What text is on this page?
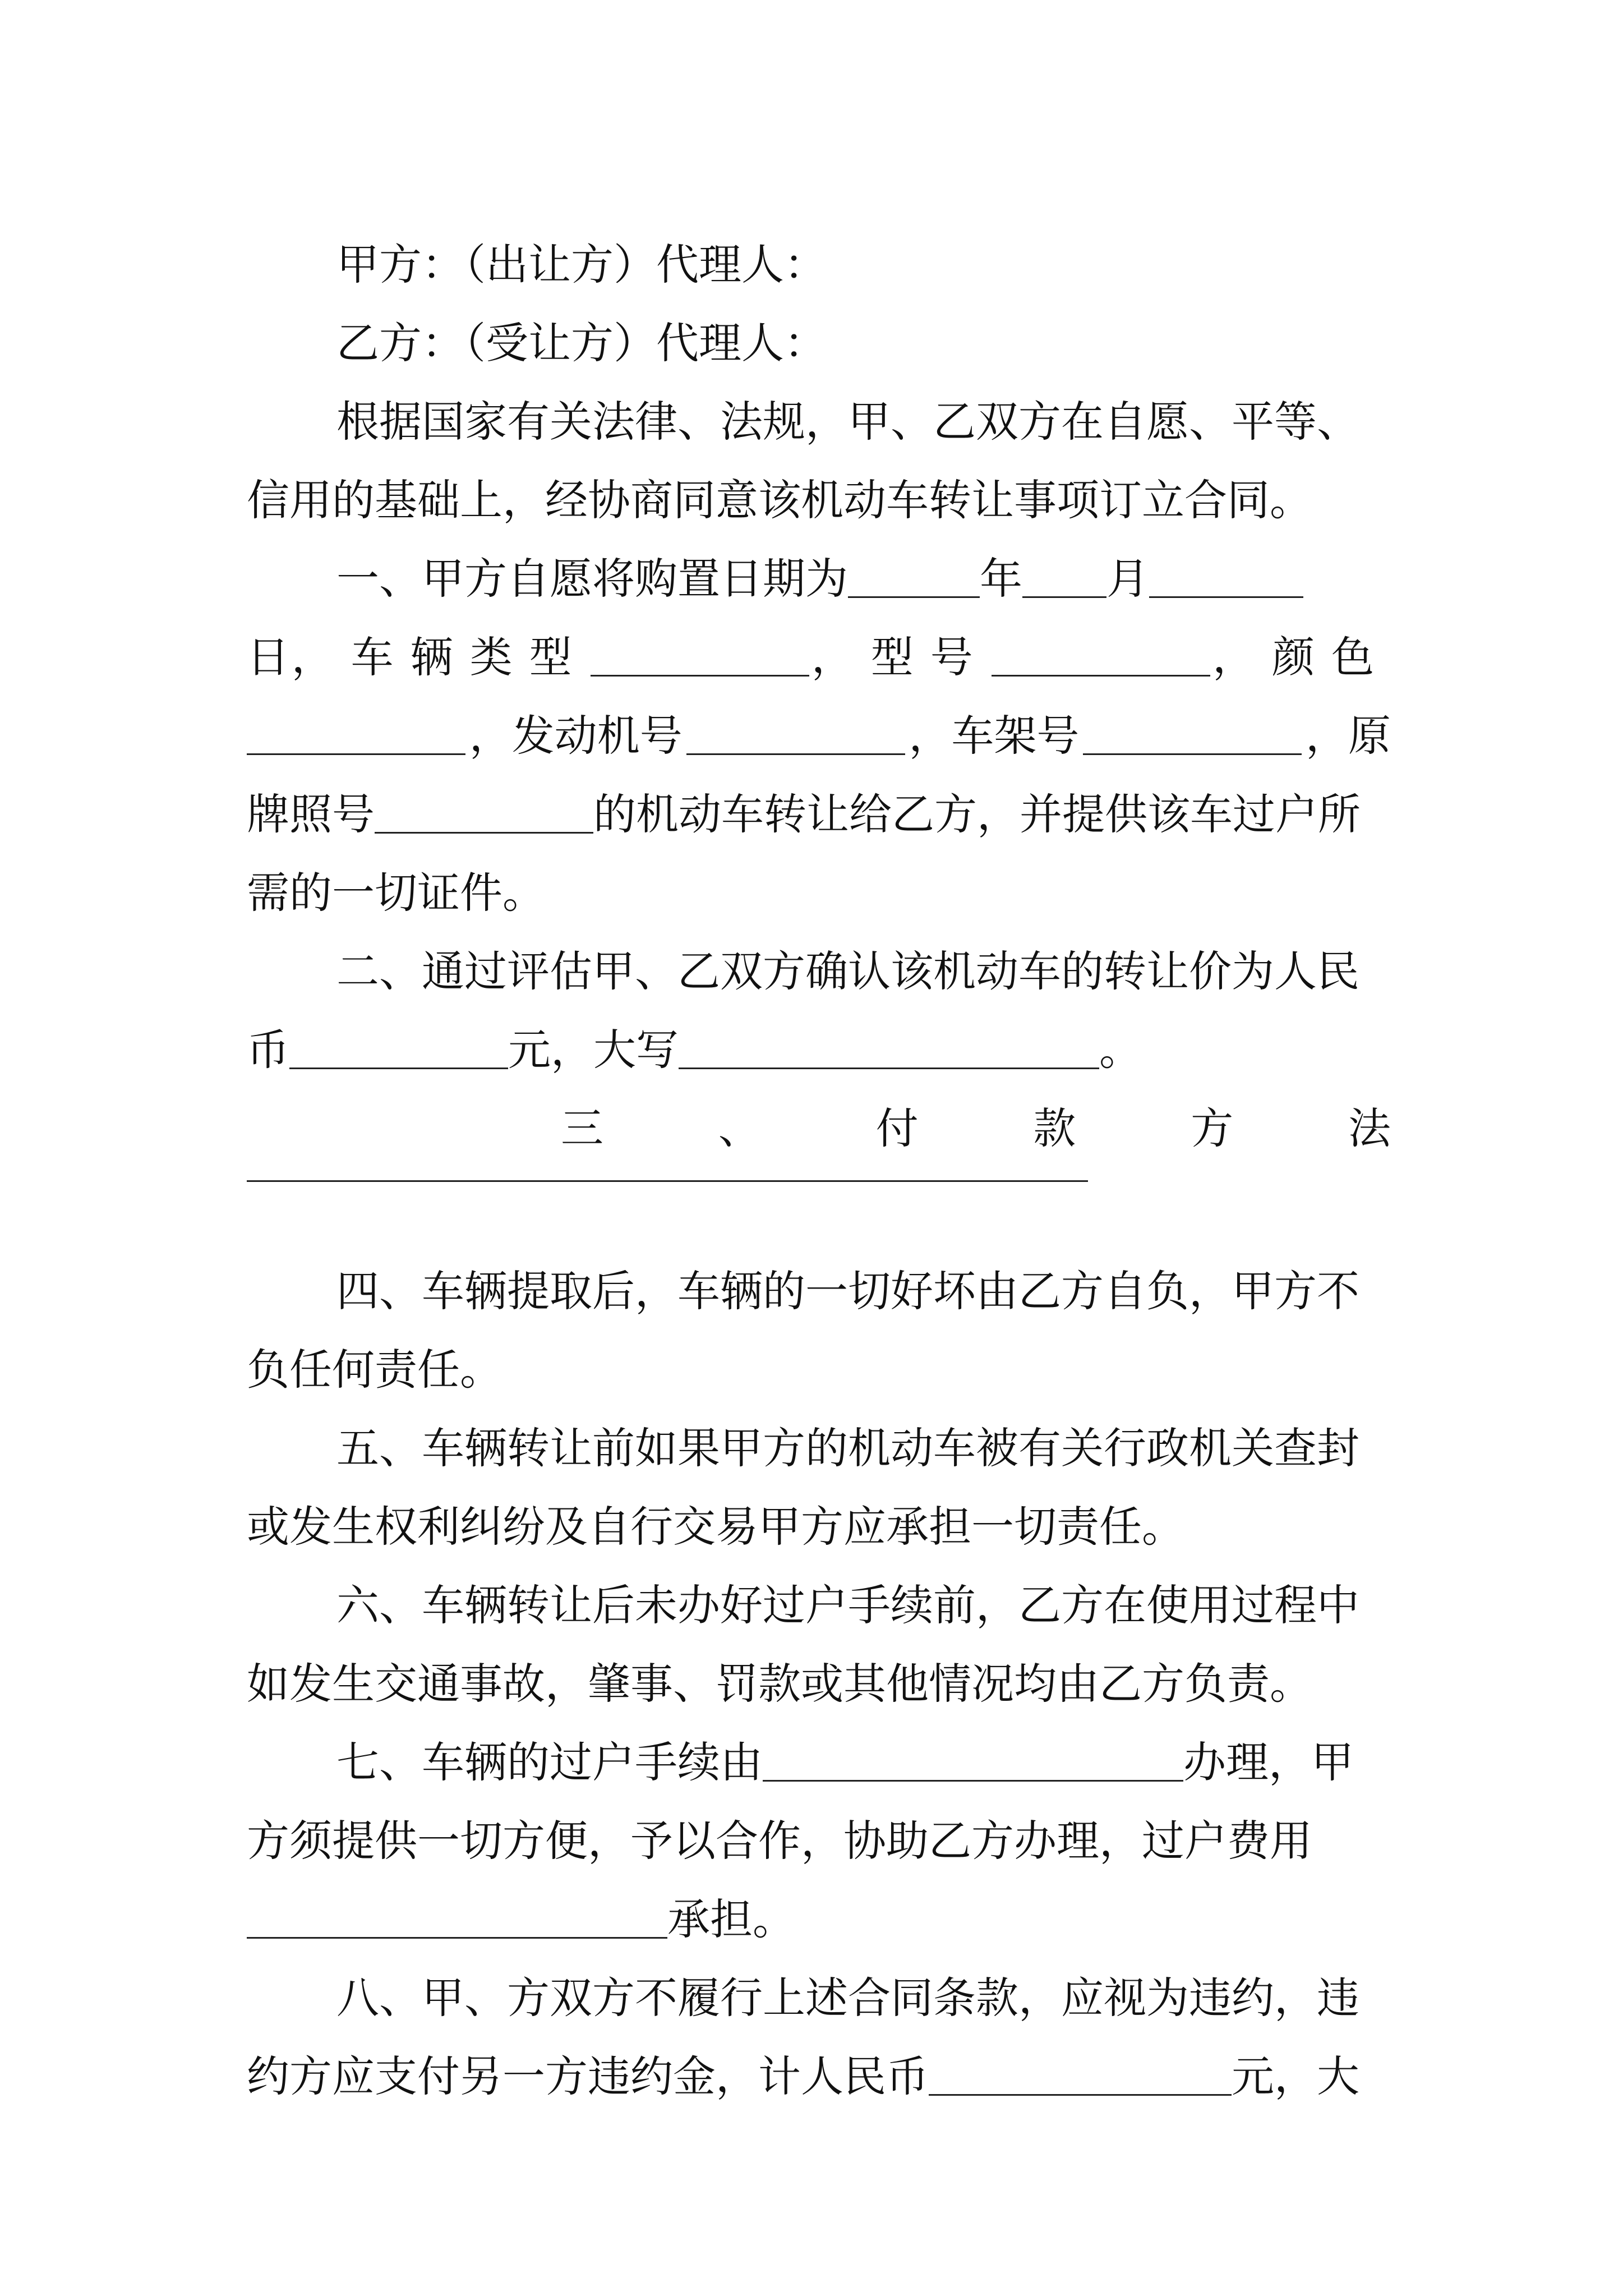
甲方：（出让方）代理人：
乙方：（受让方）代理人：
根据国家有关法律、法规，甲、乙双方在自愿、平等、
信用的基础上，经协商同意该机动车转让事项订立合同。
一、甲方自愿将购置日期为	年 月
日 ，车辆类型	，型号	，颜色
，发动机号	，车架号	，原
牌照号	的机动车转让给乙方，并提供该车过户所
需的一切证件。
二、通过评估甲、乙双方确认该机动车的转让价为人民
币	元，大写	。
三	、	付	款	方	法
四、车辆提取后，车辆的一切好坏由乙方自负，甲方不
负任何责任。
五、车辆转让前如果甲方的机动车被有关行政机关查封
或发生权利纠纷及自行交易甲方应承担一切责任。
六、车辆转让后未办好过户手续前，乙方在使用过程中
如发生交通事故，肇事、罚款或其他情况均由乙方负责。
七、车辆的过户手续由	办理，甲
方须提供一切方便，予以合作，协助乙方办理，过户费用
承担。
八、甲、方双方不履行上述合同条款，应视为违约，违
约方应支付另一方违约金，计人民币	元，大
